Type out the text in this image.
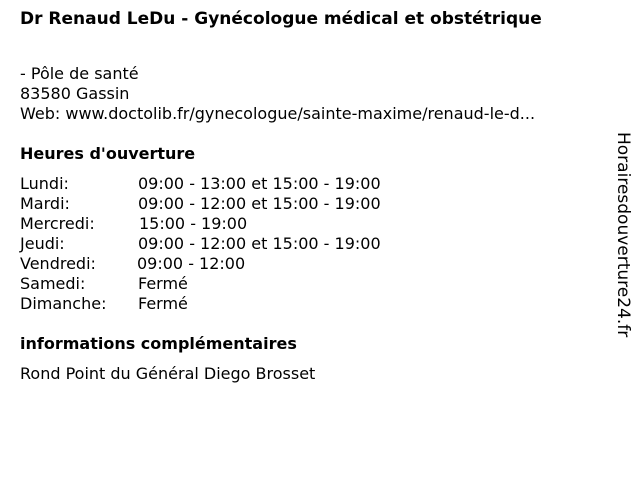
Dr Renaud LeDu - Gynécologue médical et obstétrique
- Pôle de santé
83580 Gassin
Web: www.doctolib.fr/gynecologue/sainte-maxime/renaud-le-d...
Heures d'ouverture
Lundi:	09:00 - 13:00 et 15:00 - 19:00
Mardi:	09:00 - 12:00 et 15:00 - 19:00
Mercredi:	15:00 - 19:00
Jeudi:	09:00 - 12:00 et 15:00 - 19:00
Vendredi:	09:00 - 12:00
Samedi:	Fermé
Dimanche: Fermé
informations complémentaires
Rond Point du Général Diego Brosset
Horairesdouverture24.fr
